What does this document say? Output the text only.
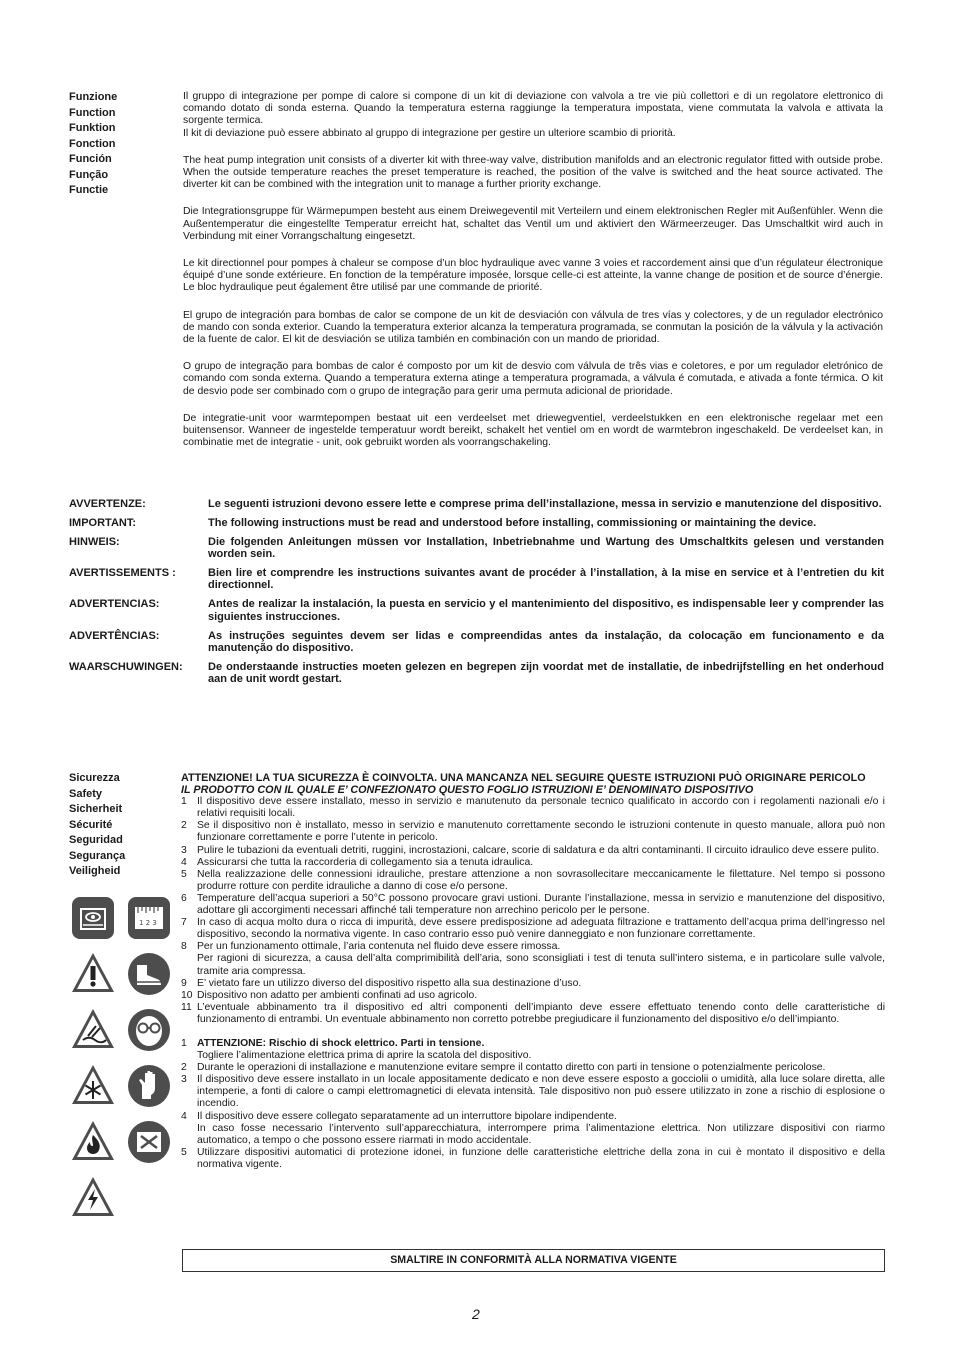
Funzione
Function
Funktion
Fonction
Función
Função
Functie

Il gruppo di integrazione per pompe di calore si compone di un kit di deviazione con valvola a tre vie più collettori e di un regolatore elettronico di comando dotato di sonda esterna. Quando la temperatura esterna raggiunge la temperatura impostata, viene commutata la valvola e attivata la sorgente termica.
Il kit di deviazione può essere abbinato al gruppo di integrazione per gestire un ulteriore scambio di priorità.

The heat pump integration unit consists of a diverter kit with three-way valve, distribution manifolds and an electronic regulator fitted with outside probe. When the outside temperature reaches the preset temperature is reached, the position of the valve is switched and the heat source activated. The diverter kit can be combined with the integration unit to manage a further priority exchange.

Die Integrationsgruppe für Wärmepumpen besteht aus einem Dreiwegeventil mit Verteilern und einem elektronischen Regler mit Außenfühler. Wenn die Außentemperatur die eingestellte Temperatur erreicht hat, schaltet das Ventil um und aktiviert den Wärmeerzeuger. Das Umschaltkit wird auch in Verbindung mit einer Vorrangschaltung eingesetzt.

Le kit directionnel pour pompes à chaleur se compose d’un bloc hydraulique avec vanne 3 voies et raccordement ainsi que d’un régulateur électronique équipé d’une sonde extérieure. En fonction de la température imposée, lorsque celle-ci est atteinte, la vanne change de position et de source d’énergie. Le bloc hydraulique peut également être utilisé par une commande de priorité.

El grupo de integración para bombas de calor se compone de un kit de desviación con válvula de tres vías y colectores, y de un regulador electrónico de mando con sonda exterior. Cuando la temperatura exterior alcanza la temperatura programada, se conmutan la posición de la válvula y la activación de la fuente de calor. El kit de desviación se utiliza también en combinación con un mando de prioridad.

O grupo de integração para bombas de calor é composto por um kit de desvio com válvula de três vias e coletores, e por um regulador eletrónico de comando com sonda externa. Quando a temperatura externa atinge a temperatura programada, a válvula é comutada, e ativada a fonte térmica. O kit de desvio pode ser combinado com o grupo de integração para gerir uma permuta adicional de prioridade.

De integratie-unit voor warmtepompen bestaat uit een verdeelset met driewegventiel, verdeelstukken en een elektronische regelaar met een buitensensor. Wanneer de ingestelde temperatuur wordt bereikt, schakelt het ventiel om en wordt de warmtebron ingeschakeld. De verdeelset kan, in combinatie met de integratie - unit, ook gebruikt worden als voorrangschakeling.

AVVERTENZE:	Le seguenti istruzioni devono essere lette e comprese prima dell’installazione, messa in servizio e manutenzione del dispositivo.
IMPORTANT:	The following instructions must be read and understood before installing, commissioning or maintaining the device.
HINWEIS:	Die folgenden Anleitungen müssen vor Installation, Inbetriebnahme und Wartung des Umschaltkits gelesen und verstanden worden sein.
AVERTISSEMENTS :	Bien lire et comprendre les instructions suivantes avant de procéder à l’installation, à la mise en service et à l’entretien du kit directionnel.
ADVERTENCIAS:	Antes de realizar la instalación, la puesta en servicio y el mantenimiento del dispositivo, es indispensable leer y comprender las siguientes instrucciones.
ADVERTÊNCIAS:	As instruções seguintes devem ser lidas e compreendidas antes da instalação, da colocação em funcionamento e da manutenção do dispositivo.
WAARSCHUWINGEN:	De onderstaande instructies moeten gelezen en begrepen zijn voordat met de installatie, de inbedrijfstelling en het onderhoud aan de unit wordt gestart.
Sicurezza
Safety
Sicherheit
Sécurité
Seguridad
Segurança
Veiligheid
1 2 3
ATTENZIONE! LA TUA SICUREZZA È COINVOLTA. UNA MANCANZA NEL SEGUIRE QUESTE ISTRUZIONI PUÒ ORIGINARE PERICOLO
IL PRODOTTO CON IL QUALE E’ CONFEZIONATO QUESTO FOGLIO ISTRUZIONI E’ DENOMINATO DISPOSITIVO
1 Il dispositivo deve essere installato, messo in servizio e manutenuto da personale tecnico qualificato in accordo con i regolamenti nazionali e/o i relativi requisiti locali.
2 Se il dispositivo non è installato, messo in servizio e manutenuto correttamente secondo le istruzioni contenute in questo manuale, allora può non funzionare correttamente e porre l’utente in pericolo.
3 Pulire le tubazioni da eventuali detriti, ruggini, incrostazioni, calcare, scorie di saldatura e da altri contaminanti. Il circuito idraulico deve essere pulito.
4 Assicurarsi che tutta la raccorderia di collegamento sia a tenuta idraulica.
5 Nella realizzazione delle connessioni idrauliche, prestare attenzione a non sovrasollecitare meccanicamente le filettature. Nel tempo si possono produrre rotture con perdite idrauliche a danno di cose e/o persone.
6 Temperature dell’acqua superiori a 50°C possono provocare gravi ustioni. Durante l’installazione, messa in servizio e manutenzione del dispositivo, adottare gli accorgimenti necessari affinché tali temperature non arrechino pericolo per le persone.
7 In caso di acqua molto dura o ricca di impurità, deve essere predisposizione ad adeguata filtrazione e trattamento dell’acqua prima dell’ingresso nel dispositivo, secondo la normativa vigente. In caso contrario esso può venire danneggiato e non funzionare correttamente.
8 Per un funzionamento ottimale, l’aria contenuta nel fluido deve essere rimossa.
Per ragioni di sicurezza, a causa dell’alta comprimibilità dell’aria, sono sconsigliati i test di tenuta sull’intero sistema, e in particolare sulle valvole, tramite aria compressa.
9 E’ vietato fare un utilizzo diverso del dispositivo rispetto alla sua destinazione d’uso.
10 Dispositivo non adatto per ambienti confinati ad uso agricolo.
11 L’eventuale abbinamento tra il dispositivo ed altri componenti dell’impianto deve essere effettuato tenendo conto delle caratteristiche di funzionamento di entrambi. Un eventuale abbinamento non corretto potrebbe pregiudicare il funzionamento del dispositivo e/o dell’impianto.
1 ATTENZIONE: Rischio di shock elettrico. Parti in tensione.
Togliere l’alimentazione elettrica prima di aprire la scatola del dispositivo.
2 Durante le operazioni di installazione e manutenzione evitare sempre il contatto diretto con parti in tensione o potenzialmente pericolose.
3 Il dispositivo deve essere installato in un locale appositamente dedicato e non deve essere esposto a gocciolii o umidità, alla luce solare diretta, alle intemperie, a fonti di calore o campi elettromagnetici di elevata intensità. Tale dispositivo non può essere utilizzato in zone a rischio di esplosione o incendio.
4 Il dispositivo deve essere collegato separatamente ad un interruttore bipolare indipendente.
In caso fosse necessario l’intervento sull’apparecchiatura, interrompere prima l’alimentazione elettrica. Non utilizzare dispositivi con riarmo automatico, a tempo o che possono essere riarmati in modo accidentale.
5 Utilizzare dispositivi automatici di protezione idonei, in funzione delle caratteristiche elettriche della zona in cui è montato il dispositivo e della normativa vigente.
SMALTIRE IN CONFORMITÀ ALLA NORMATIVA VIGENTE
2
